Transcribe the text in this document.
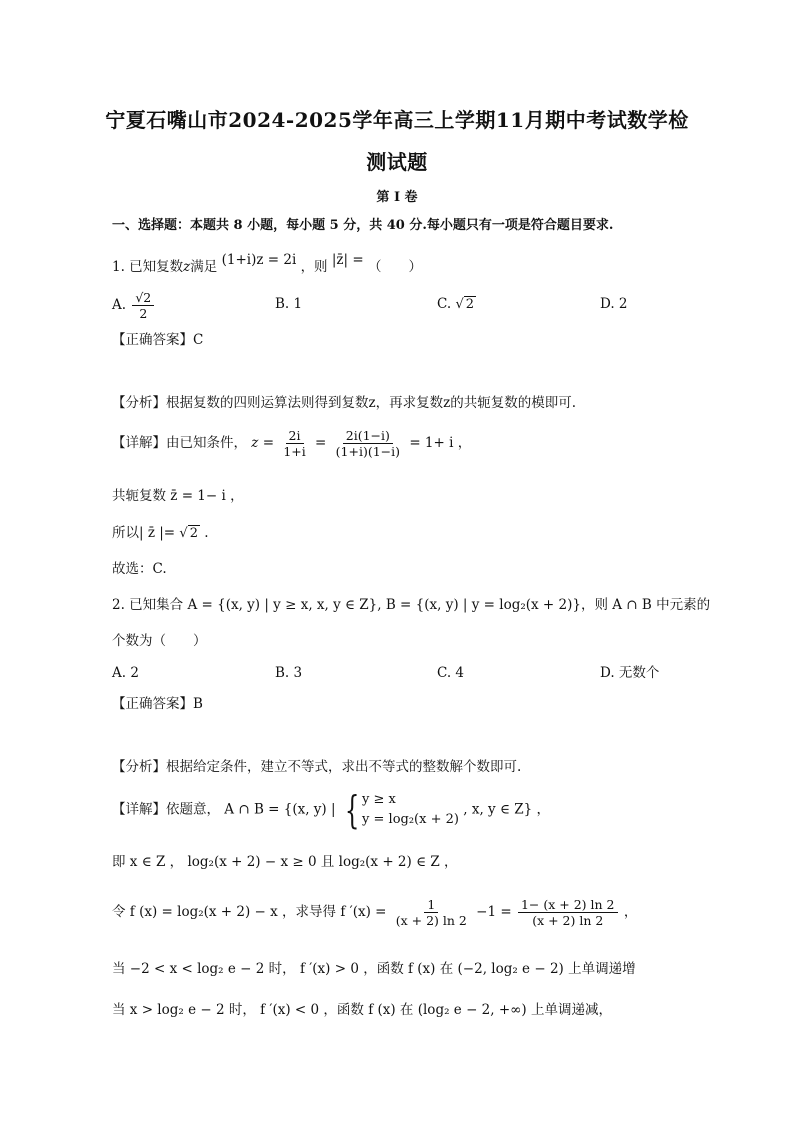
宁夏石嘴山市2024-2025学年高三上学期11月期中考试数学检
测试题
第 I 卷
一、选择题：本题共 8 小题，每小题 5 分，共 40 分.每小题只有一项是符合题目要求.
1. 已知复数z满足 (1+i)z = 2i ，则 |z̄| = （　　）
A. $\frac{√2}{2}$	B. 1	C. √ 2	D. 2
【正确答案】C
【分析】根据复数的四则运算法则得到复数z，再求复数z的共轭复数的模即可.
【详解】由已知条件， $z = \frac{2i}{1+i} = \frac{2i(1-i)}{(1+i)(1-i)} = 1+ i$ ，
共轭复数 z̄ = 1− i ，
所以| z̄ |= √ 2 .
故选：C.
2. 已知集合 A = {(x, y) | y ≥ x, x, y ∈ Z}, B = {(x, y) | y = log₂(x + 2)}，则 A ∩ B 中元素的
个数为（　　）
A. 2	B. 3	C. 4	D. 无数个
【正确答案】B
【分析】根据给定条件，建立不等式，求出不等式的整数解个数即可.
【详解】依题意， A ∩ B = {(x, y) | { y ≥ x
y = log₂(x + 2)
, x, y ∈ Z} ，
即 x ∈ Z ， log₂(x + 2) − x ≥ 0 且 log₂(x + 2) ∈ Z ，
令 f (x) = log₂(x + 2) − x ，求导得 f $'(x) = \frac{1}{(x + 2) \ln 2} -1 = \frac{1- (x + 2) \ln 2}{(x + 2) \ln 2}$ ，
当 −2 < x < log₂ e − 2 时， f ′(x) > 0 ，函数 f (x) 在 (−2, log₂ e − 2) 上单调递增
当 x > log₂ e − 2 时， f ′(x) < 0 ，函数 f (x) 在 (log₂ e − 2, +∞) 上单调递减，
